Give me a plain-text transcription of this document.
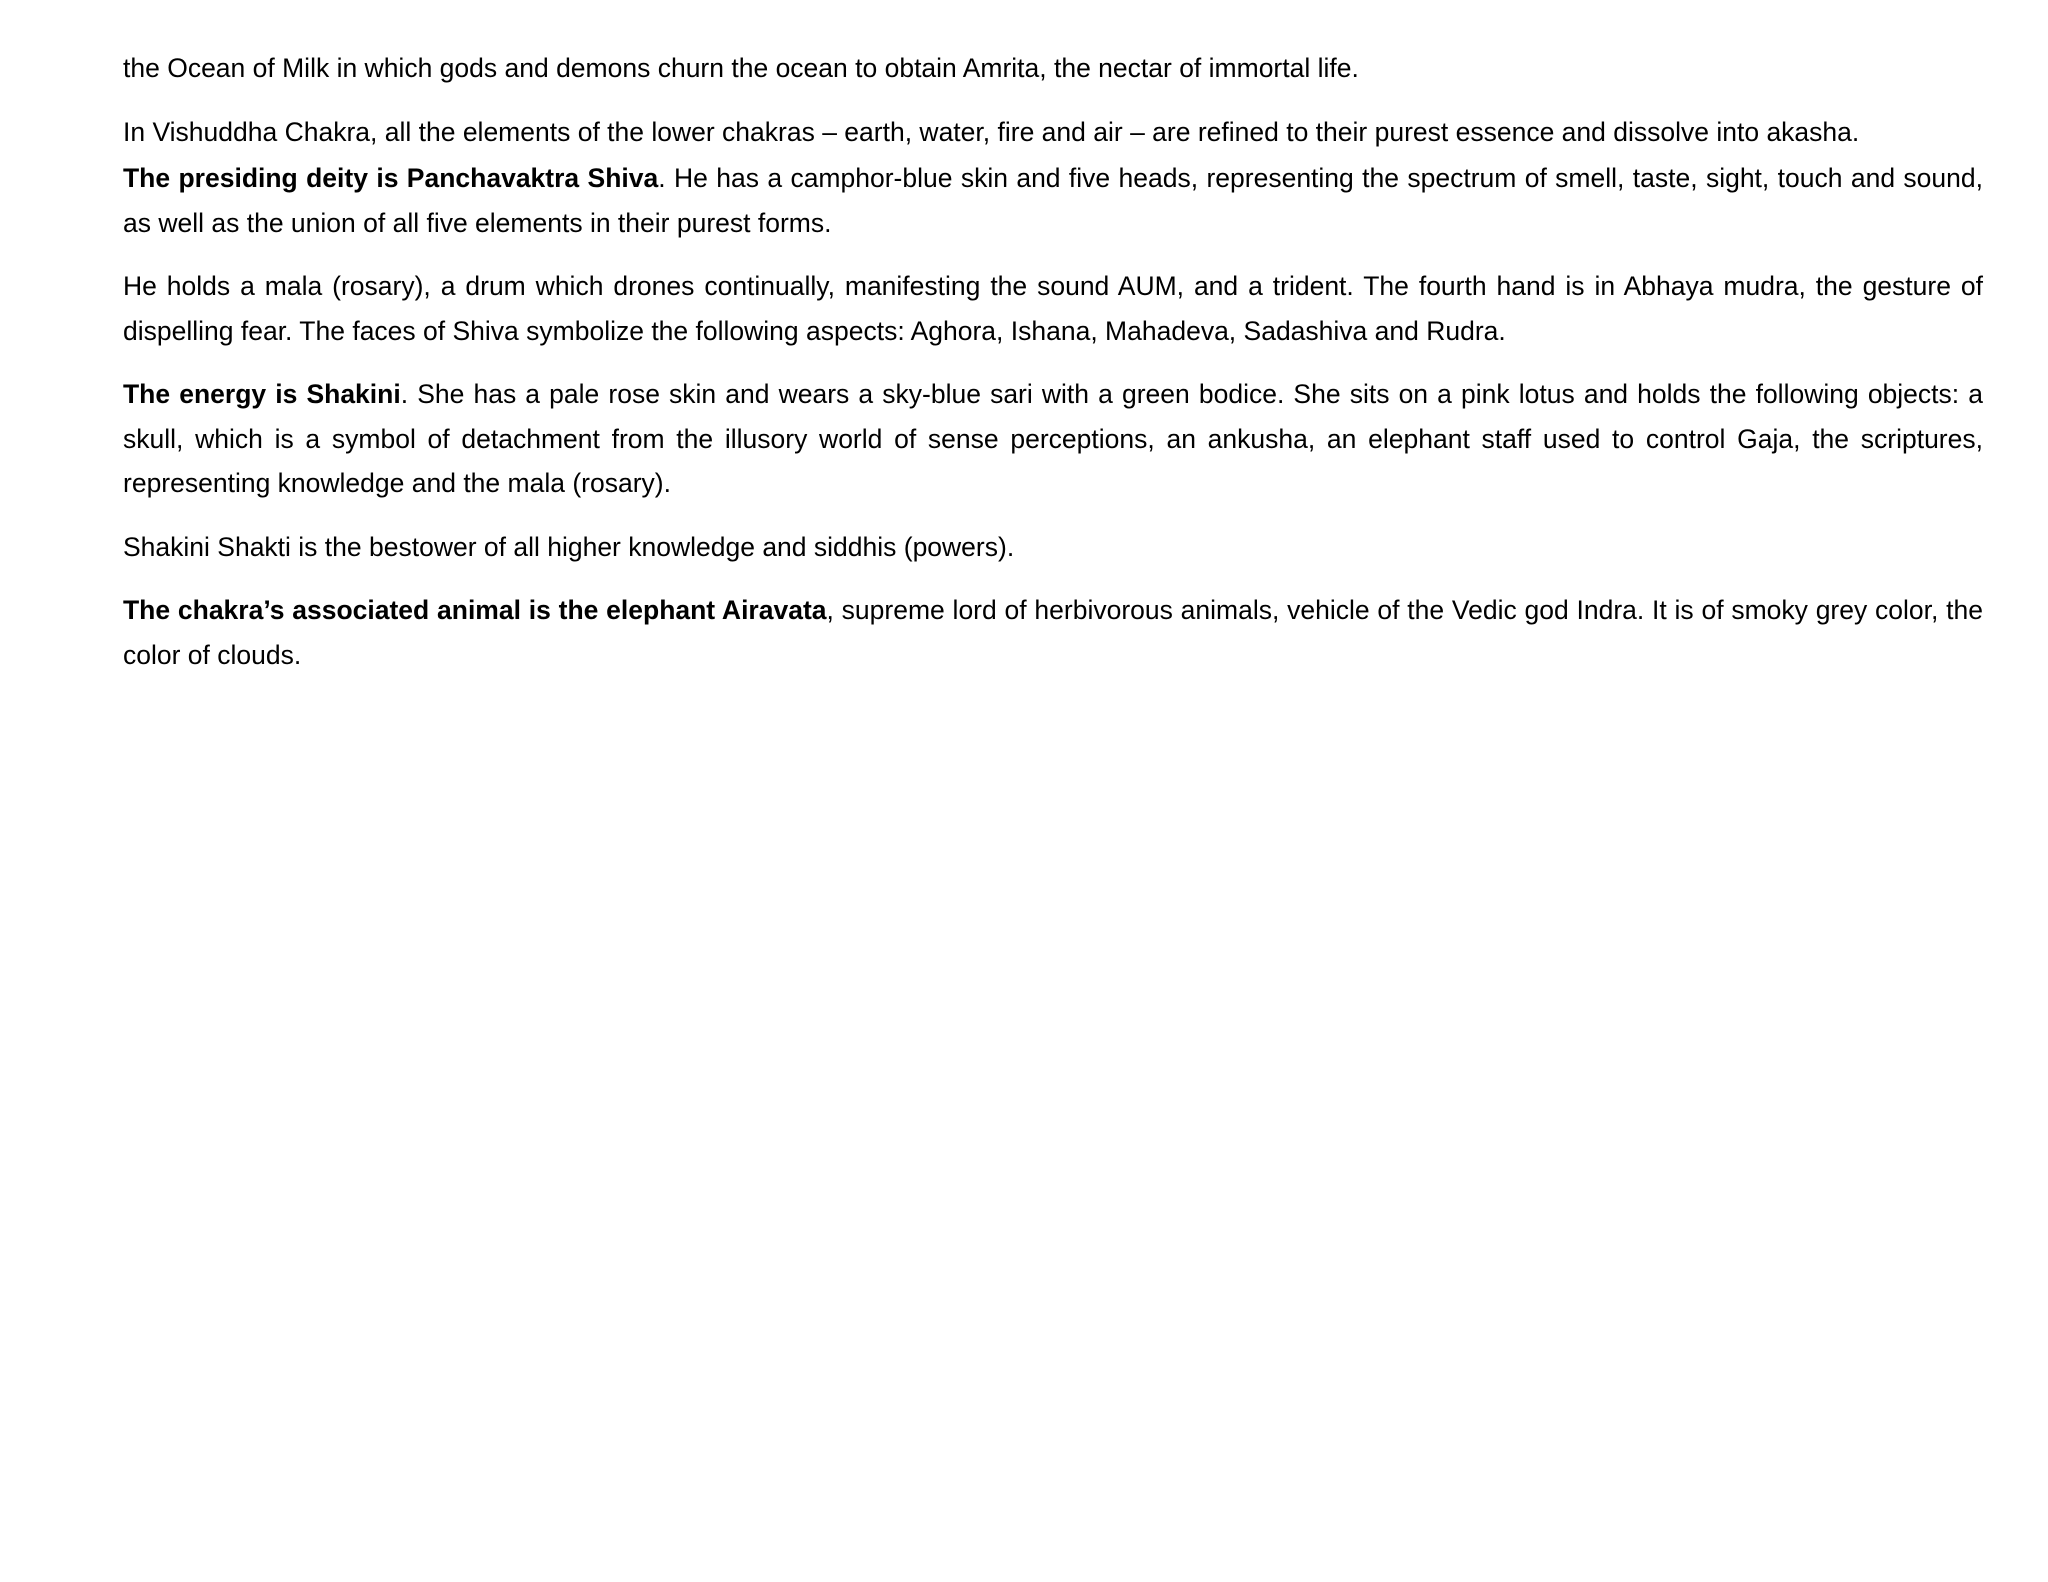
the Ocean of Milk in which gods and demons churn the ocean to obtain Amrita, the nectar of immortal life.

In Vishuddha Chakra, all the elements of the lower chakras – earth, water, fire and air – are refined to their purest essence and dissolve into akasha.

The presiding deity is Panchavaktra Shiva. He has a camphor-blue skin and five heads, representing the spectrum of smell, taste, sight, touch and sound, as well as the union of all five elements in their purest forms.

He holds a mala (rosary), a drum which drones continually, manifesting the sound AUM, and a trident. The fourth hand is in Abhaya mudra, the gesture of dispelling fear. The faces of Shiva symbolize the following aspects: Aghora, Ishana, Mahadeva, Sadashiva and Rudra.

The energy is Shakini. She has a pale rose skin and wears a sky-blue sari with a green bodice. She sits on a pink lotus and holds the following objects: a skull, which is a symbol of detachment from the illusory world of sense perceptions, an ankusha, an elephant staff used to control Gaja, the scriptures, representing knowledge and the mala (rosary).

Shakini Shakti is the bestower of all higher knowledge and siddhis (powers).

The chakra’s associated animal is the elephant Airavata, supreme lord of herbivorous animals, vehicle of the Vedic god Indra. It is of smoky grey color, the color of clouds.
